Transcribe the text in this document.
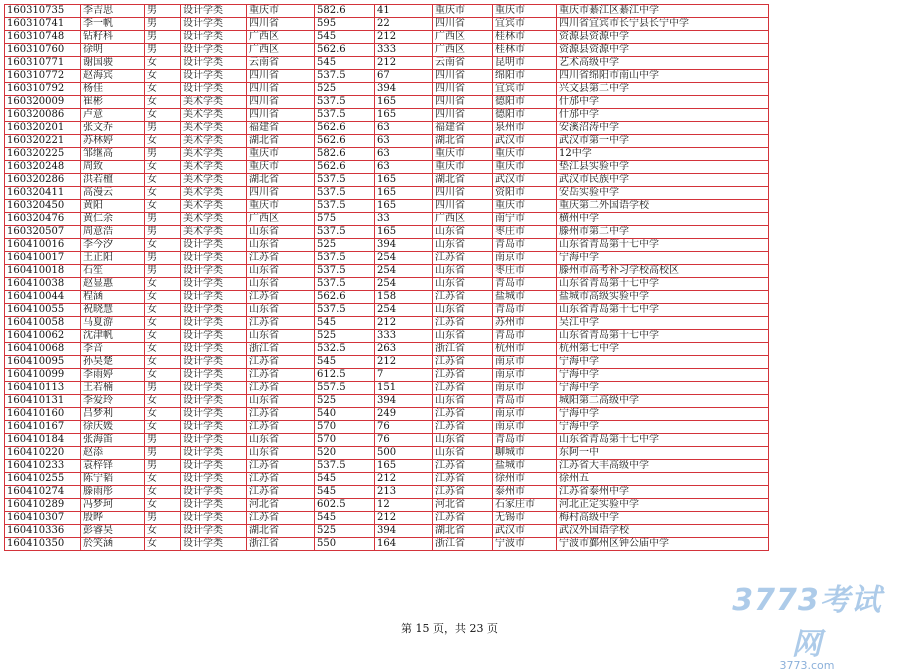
160310735	李吉思	男	设计学类	重庆市	582.6	41	重庆市	重庆市	重庆市綦江区綦江中学
160310741	李一帆	男	设计学类	四川省	595	22	四川省	宜宾市	四川省宜宾市长宁县长宁中学
160310748	钻籽科	男	设计学类	广西区	545	212	广西区	桂林市	资源县资源中学
160310760	徐明	男	设计学类	广西区	562.6	333	广西区	桂林市	资源县资源中学
160310771	谢国骏	女	设计学类	云南省	545	212	云南省	昆明市	艺术高级中学
160310772	赵海宾	女	设计学类	四川省	537.5	67	四川省	绵阳市	四川省绵阳市南山中学
160310792	杨佳	女	设计学类	四川省	525	394	四川省	宜宾市	兴文县第二中学
160320009	崔彬	女	美术学类	四川省	537.5	165	四川省	德阳市	什邡中学
160320086	卢意	女	美术学类	四川省	537.5	165	四川省	德阳市	什邡中学
160320201	张文乔	男	美术学类	福建省	562.6	63	福建省	泉州市	安溪沼涛中学
160320221	苏林婷	女	美术学类	湖北省	562.6	63	湖北省	武汉市	武汉市第一中学
160320225	邹继高	男	美术学类	重庆市	582.6	63	重庆市	重庆市	12中学
160320248	周致	女	美术学类	重庆市	562.6	63	重庆市	重庆市	垫江县实验中学
160320286	洪若檀	女	美术学类	湖北省	537.5	165	湖北省	武汉市	武汉市民族中学
160320411	高漫云	女	美术学类	四川省	537.5	165	四川省	资阳市	安岳实验中学
160320450	黄阳	女	美术学类	重庆市	537.5	165	四川省	重庆市	重庆第二外国语学校
160320476	黄仁余	男	美术学类	广西区	575	33	广西区	南宁市	横州中学
160320507	周意浩	男	美术学类	山东省	537.5	165	山东省	枣庄市	滕州市第二中学
160410016	李今汐	女	设计学类	山东省	525	394	山东省	青岛市	山东省青岛第十七中学
160410017	王正阳	男	设计学类	江苏省	537.5	254	江苏省	南京市	宁海中学
160410018	石笙	男	设计学类	山东省	537.5	254	山东省	枣庄市	滕州市高考补习学校高校区
160410038	赵显惠	女	设计学类	山东省	537.5	254	山东省	青岛市	山东省青岛第十七中学
160410044	程涵	女	设计学类	江苏省	562.6	158	江苏省	盐城市	盐城市高级实验中学
160410055	祝晓慧	女	设计学类	山东省	537.5	254	山东省	青岛市	山东省青岛第十七中学
160410058	马夏游	女	设计学类	江苏省	545	212	江苏省	苏州市	吴江中学
160410062	沈津帆	女	设计学类	山东省	525	333	山东省	青岛市	山东省青岛第十七中学
160410068	李音	女	设计学类	浙江省	532.5	263	浙江省	杭州市	杭州第七中学
160410095	孙昊楚	女	设计学类	江苏省	545	212	江苏省	南京市	宁海中学
160410099	李雨婷	女	设计学类	江苏省	612.5	7	江苏省	南京市	宁海中学
160410113	王若楠	男	设计学类	江苏省	557.5	151	江苏省	南京市	宁海中学
160410131	李爱玲	女	设计学类	山东省	525	394	山东省	青岛市	城阳第二高级中学
160410160	吕梦利	女	设计学类	江苏省	540	249	江苏省	南京市	宁海中学
160410167	徐庆媛	女	设计学类	江苏省	570	76	江苏省	南京市	宁海中学
160410184	张海笛	男	设计学类	山东省	570	76	山东省	青岛市	山东省青岛第十七中学
160410220	赵添	男	设计学类	山东省	520	500	山东省	聊城市	东阿一中
160410233	袁梓铎	男	设计学类	江苏省	537.5	165	江苏省	盐城市	江苏省大丰高级中学
160410255	陈宁韬	女	设计学类	江苏省	545	212	江苏省	徐州市	徐州五
160410274	滕雨彤	女	设计学类	江苏省	545	213	江苏省	泰州市	江苏省泰州中学
160410289	冯梦珂	女	设计学类	河北省	602.5	12	河北省	石家庄市	河北正定实验中学
160410307	殷晔	男	设计学类	江苏省	545	212	江苏省	无锡市	梅村高级中学
160410336	彭睿昊	女	设计学类	湖北省	525	394	湖北省	武汉市	武汉外国语学校
160410350	於笑涵	女	设计学类	浙江省	550	164	浙江省	宁波市	宁波市鄞州区钟公庙中学
第 15 页，共 23 页
3773考试网
3773.com
